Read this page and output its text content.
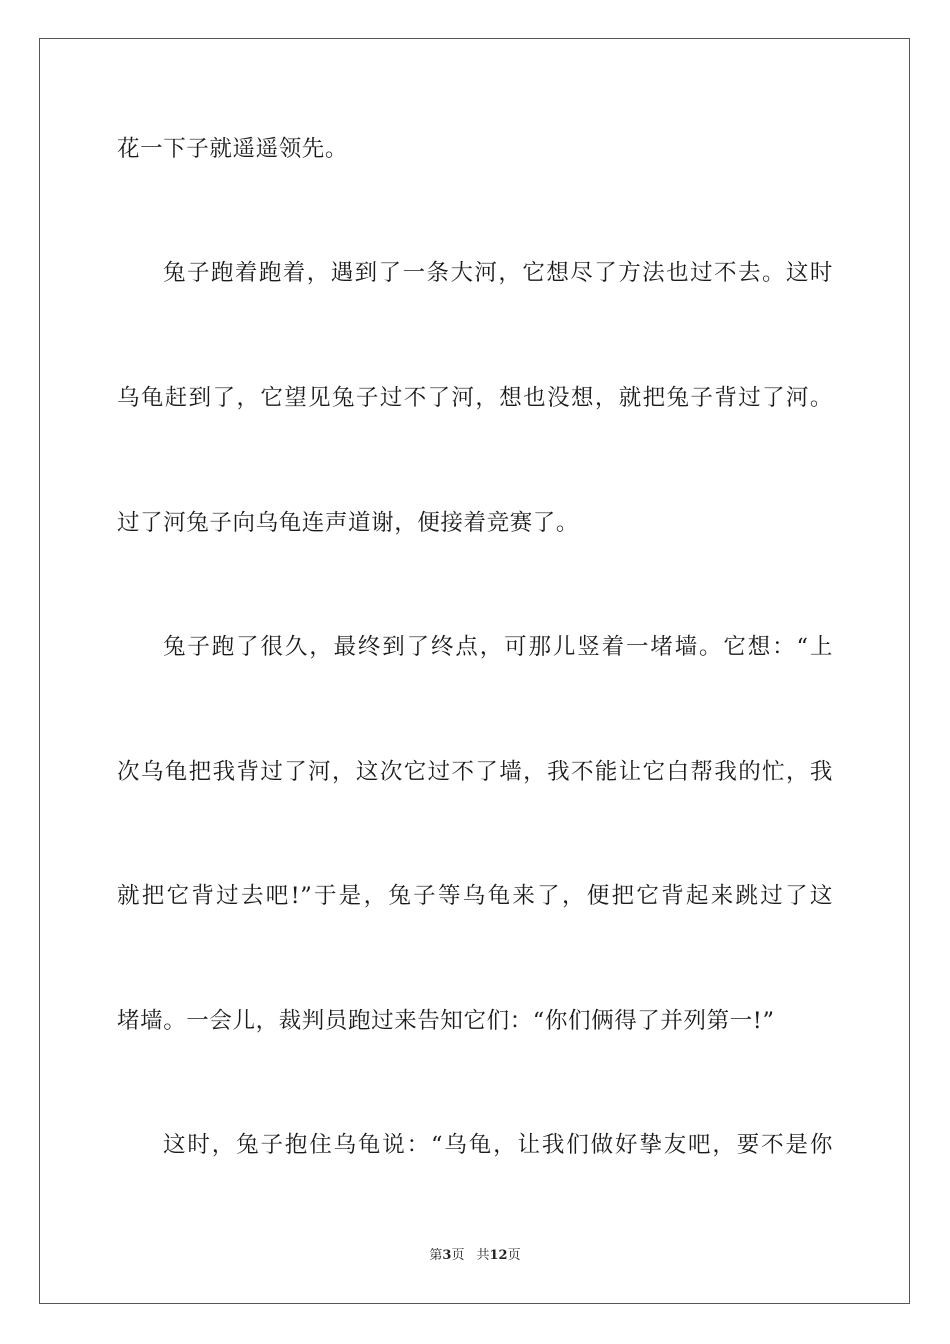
花一下子就遥遥领先。
兔子跑着跑着，遇到了一条大河，它想尽了方法也过不去。这时
乌龟赶到了，它望见兔子过不了河，想也没想，就把兔子背过了河。
过了河兔子向乌龟连声道谢，便接着竞赛了。
兔子跑了很久，最终到了终点，可那儿竖着一堵墙。它想：“上
次乌龟把我背过了河，这次它过不了墙，我不能让它白帮我的忙，我
就把它背过去吧!”于是，兔子等乌龟来了，便把它背起来跳过了这
堵墙。一会儿，裁判员跑过来告知它们：“你们俩得了并列第一!”
这时，兔子抱住乌龟说：“乌龟，让我们做好挚友吧，要不是你
第3页 共12页
